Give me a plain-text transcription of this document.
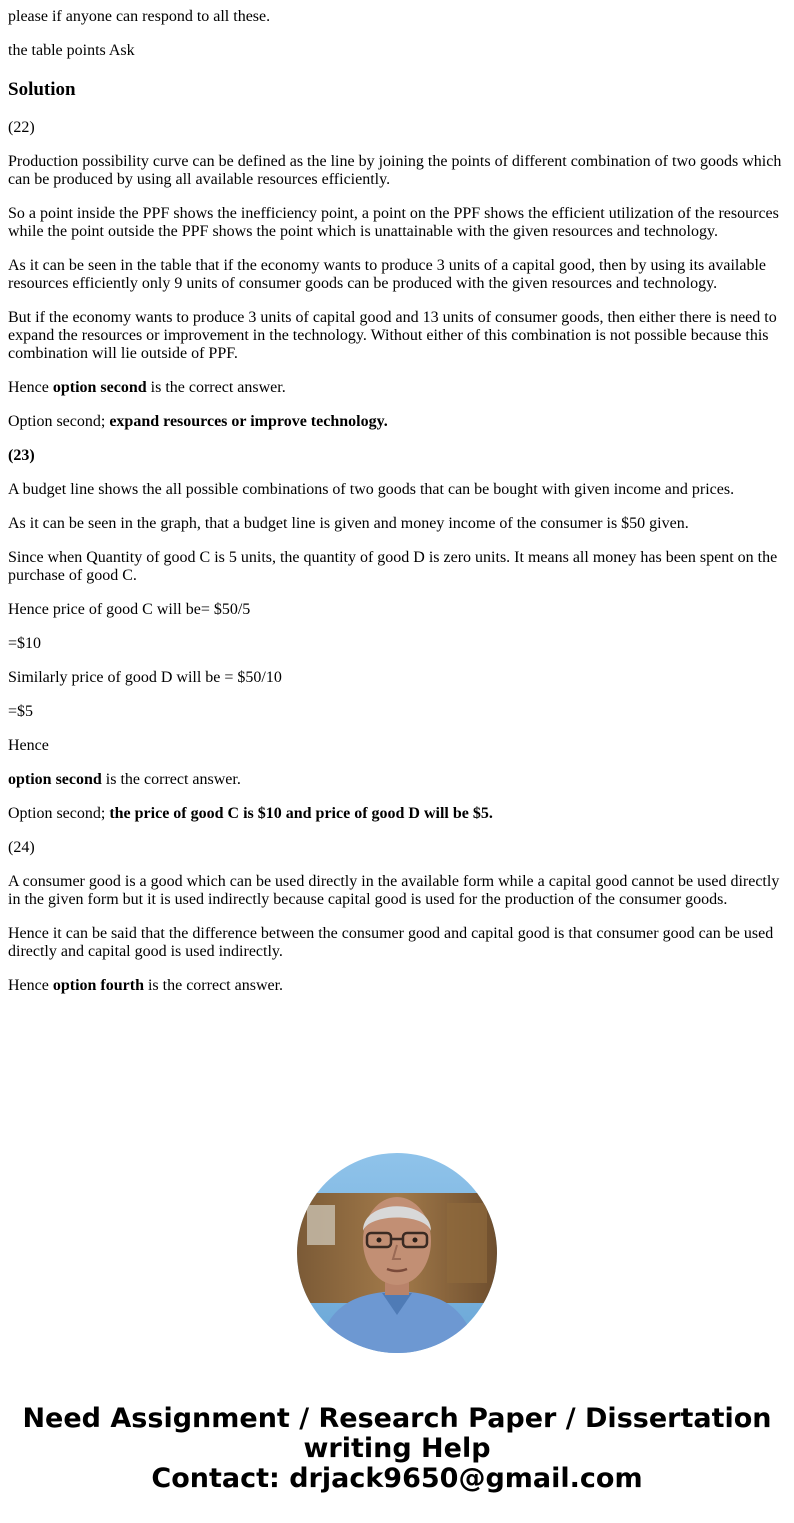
please if anyone can respond to all these.

the table points Ask

Solution

(22)

Production possibility curve can be defined as the line by joining the points of different combination of two goods which can be produced by using all available resources efficiently.

So a point inside the PPF shows the inefficiency point, a point on the PPF shows the efficient utilization of the resources while the point outside the PPF shows the point which is unattainable with the given resources and technology.

As it can be seen in the table that if the economy wants to produce 3 units of a capital good, then by using its available resources efficiently only 9 units of consumer goods can be produced with the given resources and technology.

But if the economy wants to produce 3 units of capital good and 13 units of consumer goods, then either there is need to expand the resources or improvement in the technology. Without either of this combination is not possible because this combination will lie outside of PPF.

Hence option second is the correct answer.

Option second; expand resources or improve technology.

(23)

A budget line shows the all possible combinations of two goods that can be bought with given income and prices.

As it can be seen in the graph, that a budget line is given and money income of the consumer is $50 given.

Since when Quantity of good C is 5 units, the quantity of good D is zero units. It means all money has been spent on the purchase of good C.

Hence price of good C will be= $50/5

=$10

Similarly price of good D will be = $50/10

=$5

Hence

option second is the correct answer.

Option second; the price of good C is $10 and price of good D will be $5.

(24)

A consumer good is a good which can be used directly in the available form while a capital good cannot be used directly in the given form but it is used indirectly because capital good is used for the production of the consumer goods.

Hence it can be said that the difference between the consumer good and capital good is that consumer good can be used directly and capital good is used indirectly.

Hence option fourth is the correct answer.

Need Assignment / Research Paper / Dissertation
writing Help
Contact: drjack9650@gmail.com
